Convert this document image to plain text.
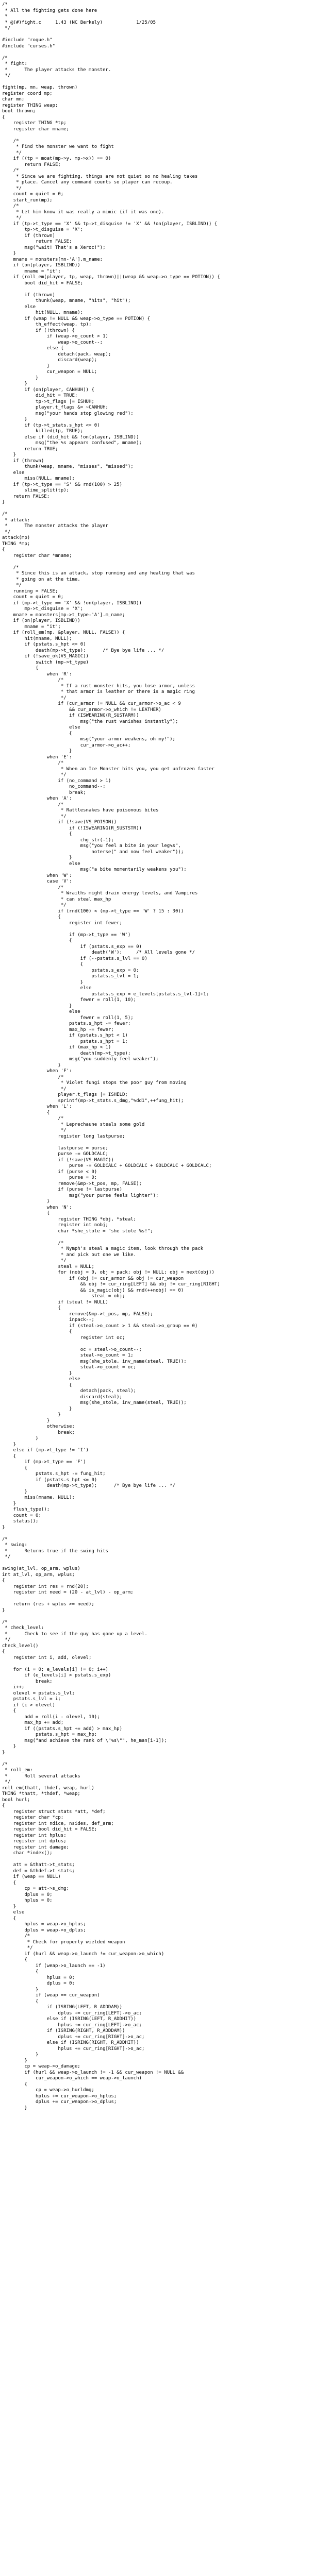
/*
* All the fighting gets done here
*
* @(#)fight.c     1.43 (NC Berkely)            1/25/05
*/

#include "rogue.h"
#include "curses.h"

/*
* fight:
*      The player attacks the monster.
*/

fight(mp, mn, weap, thrown)
register coord mp;
char mn;
register THING weap;
bool thrown;
{
register THING *tp;
register char mname;

/*
* Find the monster we want to fight
*/
if ((tp = moat(mp->y, mp->x)) == 0)
return FALSE;
/*
* Since we are fighting, things are not quiet so no healing takes
* place. Cancel any command counts so player can recoup.
*/
count = quiet = 0;
start_run(mp);
/*
* Let him know it was really a mimic (if it was one).
*/
if (tp->t_type == 'X' && tp->t_disguise != 'X' && !on(player, ISBLIND)) {
tp->t_disguise = 'X';
if (thrown)
return FALSE;
msg("wait! That's a Xeroc!");
}
mname = monsters[mn-'A'].m_name;
if (on(player, ISBLIND))
mname = "it";
if (roll_em(player, tp, weap, thrown)||(weap && weap->o_type == POTION)) {
bool did_hit = FALSE;

if (thrown)
thunk(weap, mname, "hits", "hit");
else
hit(NULL, mname);
if (weap != NULL && weap->o_type == POTION) {
th_effect(weap, tp);
if (!thrown) {
if (weap->o_count > 1)
weap->o_count--;
else {
detach(pack, weap);
discard(weap);
}
cur_weapon = NULL;
}
}
if (on(player, CANHUH)) {
did_hit = TRUE;
tp->t_flags |= ISHUH;
player.t_flags &= ~CANHUH;
msg("your hands stop glowing red");
}
if (tp->t_stats.s_hpt <= 0)
killed(tp, TRUE);
else if (did_hit && !on(player, ISBLIND))
msg("the %s appears confused", mname);
return TRUE;
}
if (thrown)
thunk(weap, mname, "misses", "missed");
else
miss(NULL, mname);
if (tp->t_type == 'S' && rnd(100) > 25)
slime_split(tp);
return FALSE;
}

/*
* attack:
*      The monster attacks the player
*/
attack(mp)
THING *mp;
{
register char *mname;

/*
* Since this is an attack, stop running and any healing that was
* going on at the time.
*/
running = FALSE;
count = quiet = 0;
if (mp->t_type == 'X' && !on(player, ISBLIND))
mp->t_disguise = 'X';
mname = monsters[mp->t_type-'A'].m_name;
if (on(player, ISBLIND))
mname = "it";
if (roll_em(mp, &player, NULL, FALSE)) {
hit(mname, NULL);
if (pstats.s_hpt <= 0)
death(mp->t_type);      /* Bye bye life ... */
if (!save_ok(VS_MAGIC))
switch (mp->t_type)
{
when 'R':
/*
* If a rust monster hits, you lose armor, unless
* that armor is leather or there is a magic ring
*/
if (cur_armor != NULL && cur_armor->o_ac < 9
&& cur_armor->o_which != LEATHER)
if (ISWEARING(R_SUSTARM))
msg("the rust vanishes instantly");
else
{
msg("your armor weakens, oh my!");
cur_armor->o_ac++;
}
when 'E':
/*
* When an Ice Monster hits you, you get unfrozen faster
*/
if (no_command > 1)
no_command--;
break;
when 'A':
/*
* Rattlesnakes have poisonous bites
*/
if (!save(VS_POISON))
if (!ISWEARING(R_SUSTSTR))
{
chg_str(-1);
msg("you feel a bite in your leg%s",
noterse(" and now feel weaker"));
}
else
msg("a bite momentarily weakens you");
when 'W':
case 'V':
/*
* Wraiths might drain energy levels, and Vampires
* can steal max_hp
*/
if (rnd(100) < (mp->t_type == 'W' ? 15 : 30))
{
register int fewer;

if (mp->t_type == 'W')
{
if (pstats.s_exp == 0)
death('W');     /* All levels gone */
if (--pstats.s_lvl == 0)
{
pstats.s_exp = 0;
pstats.s_lvl = 1;
}
else
pstats.s_exp = e_levels[pstats.s_lvl-1]+1;
fewer = roll(1, 10);
}
else
fewer = roll(1, 5);
pstats.s_hpt -= fewer;
max_hp -= fewer;
if (pstats.s_hpt < 1)
pstats.s_hpt = 1;
if (max_hp < 1)
death(mp->t_type);
msg("you suddenly feel weaker");
}
when 'F':
/*
* Violet fungi stops the poor guy from moving
*/
player.t_flags |= ISHELD;
sprintf(mp->t_stats.s_dmg,"%dd1",++fung_hit);
when 'L':
{
/*
* Leprechaune steals some gold
*/
register long lastpurse;

lastpurse = purse;
purse -= GOLDCALC;
if (!save(VS_MAGIC))
purse -= GOLDCALC + GOLDCALC + GOLDCALC + GOLDCALC;
if (purse < 0)
purse = 0;
remove(&mp->t_pos, mp, FALSE);
if (purse != lastpurse)
msg("your purse feels lighter");
}
when 'N':
{
register THING *obj, *steal;
register int nobj;
char *she_stole = "she stole %s!";

/*
* Nymph's steal a magic item, look through the pack
* and pick out one we like.
*/
steal = NULL;
for (nobj = 0, obj = pack; obj != NULL; obj = next(obj))
if (obj != cur_armor && obj != cur_weapon
&& obj != cur_ring[LEFT] && obj != cur_ring[RIGHT]
&& is_magic(obj) && rnd(++nobj) == 0)
steal = obj;
if (steal != NULL)
{
remove(&mp->t_pos, mp, FALSE);
inpack--;
if (steal->o_count > 1 && steal->o_group == 0)
{
register int oc;

oc = steal->o_count--;
steal->o_count = 1;
msg(she_stole, inv_name(steal, TRUE));
steal->o_count = oc;
}
else
{
detach(pack, steal);
discard(steal);
msg(she_stole, inv_name(steal, TRUE));
}
}
}
otherwise:
break;
}
}
else if (mp->t_type != 'I')
{
if (mp->t_type == 'F')
{
pstats.s_hpt -= fung_hit;
if (pstats.s_hpt <= 0)
death(mp->t_type);      /* Bye bye life ... */
}
miss(mname, NULL);
}
flush_type();
count = 0;
status();
}

/*
* swing:
*      Returns true if the swing hits
*/

swing(at_lvl, op_arm, wplus)
int at_lvl, op_arm, wplus;
{
register int res = rnd(20);
register int need = (20 - at_lvl) - op_arm;

return (res + wplus >= need);
}

/*
* check_level:
*      Check to see if the guy has gone up a level.
*/
check_level()
{
register int i, add, olevel;

for (i = 0; e_levels[i] != 0; i++)
if (e_levels[i] > pstats.s_exp)
break;
i++;
olevel = pstats.s_lvl;
pstats.s_lvl = i;
if (i > olevel)
{
add = roll(i - olevel, 10);
max_hp += add;
if ((pstats.s_hpt += add) > max_hp)
pstats.s_hpt = max_hp;
msg("and achieve the rank of \"%s\"", he_man[i-1]);
}
}

/*
* roll_em:
*      Roll several attacks
*/
roll_em(thatt, thdef, weap, hurl)
THING *thatt, *thdef, *weap;
bool hurl;
{
register struct stats *att, *def;
register char *cp;
register int ndice, nsides, def_arm;
register bool did_hit = FALSE;
register int hplus;
register int dplus;
register int damage;
char *index();

att = &thatt->t_stats;
def = &thdef->t_stats;
if (weap == NULL)
{
cp = att->s_dmg;
dplus = 0;
hplus = 0;
}
else
{
hplus = weap->o_hplus;
dplus = weap->o_dplus;
/*
* Check for properly wielded weapon
*/
if (hurl && weap->o_launch != cur_weapon->o_which)
{
if (weap->o_launch == -1)
{
hplus = 0;
dplus = 0;
}
if (weap == cur_weapon)
{
if (ISRING(LEFT, R_ADDDAM))
dplus += cur_ring[LEFT]->o_ac;
else if (ISRING(LEFT, R_ADDHIT))
hplus += cur_ring[LEFT]->o_ac;
if (ISRING(RIGHT, R_ADDDAM))
dplus += cur_ring[RIGHT]->o_ac;
else if (ISRING(RIGHT, R_ADDHIT))
hplus += cur_ring[RIGHT]->o_ac;
}
}
cp = weap->o_damage;
if (hurl && weap->o_launch != -1 && cur_weapon != NULL &&
cur_weapon->o_which == weap->o_launch)
{
cp = weap->o_hurldmg;
hplus += cur_weapon->o_hplus;
dplus += cur_weapon->o_dplus;
}
